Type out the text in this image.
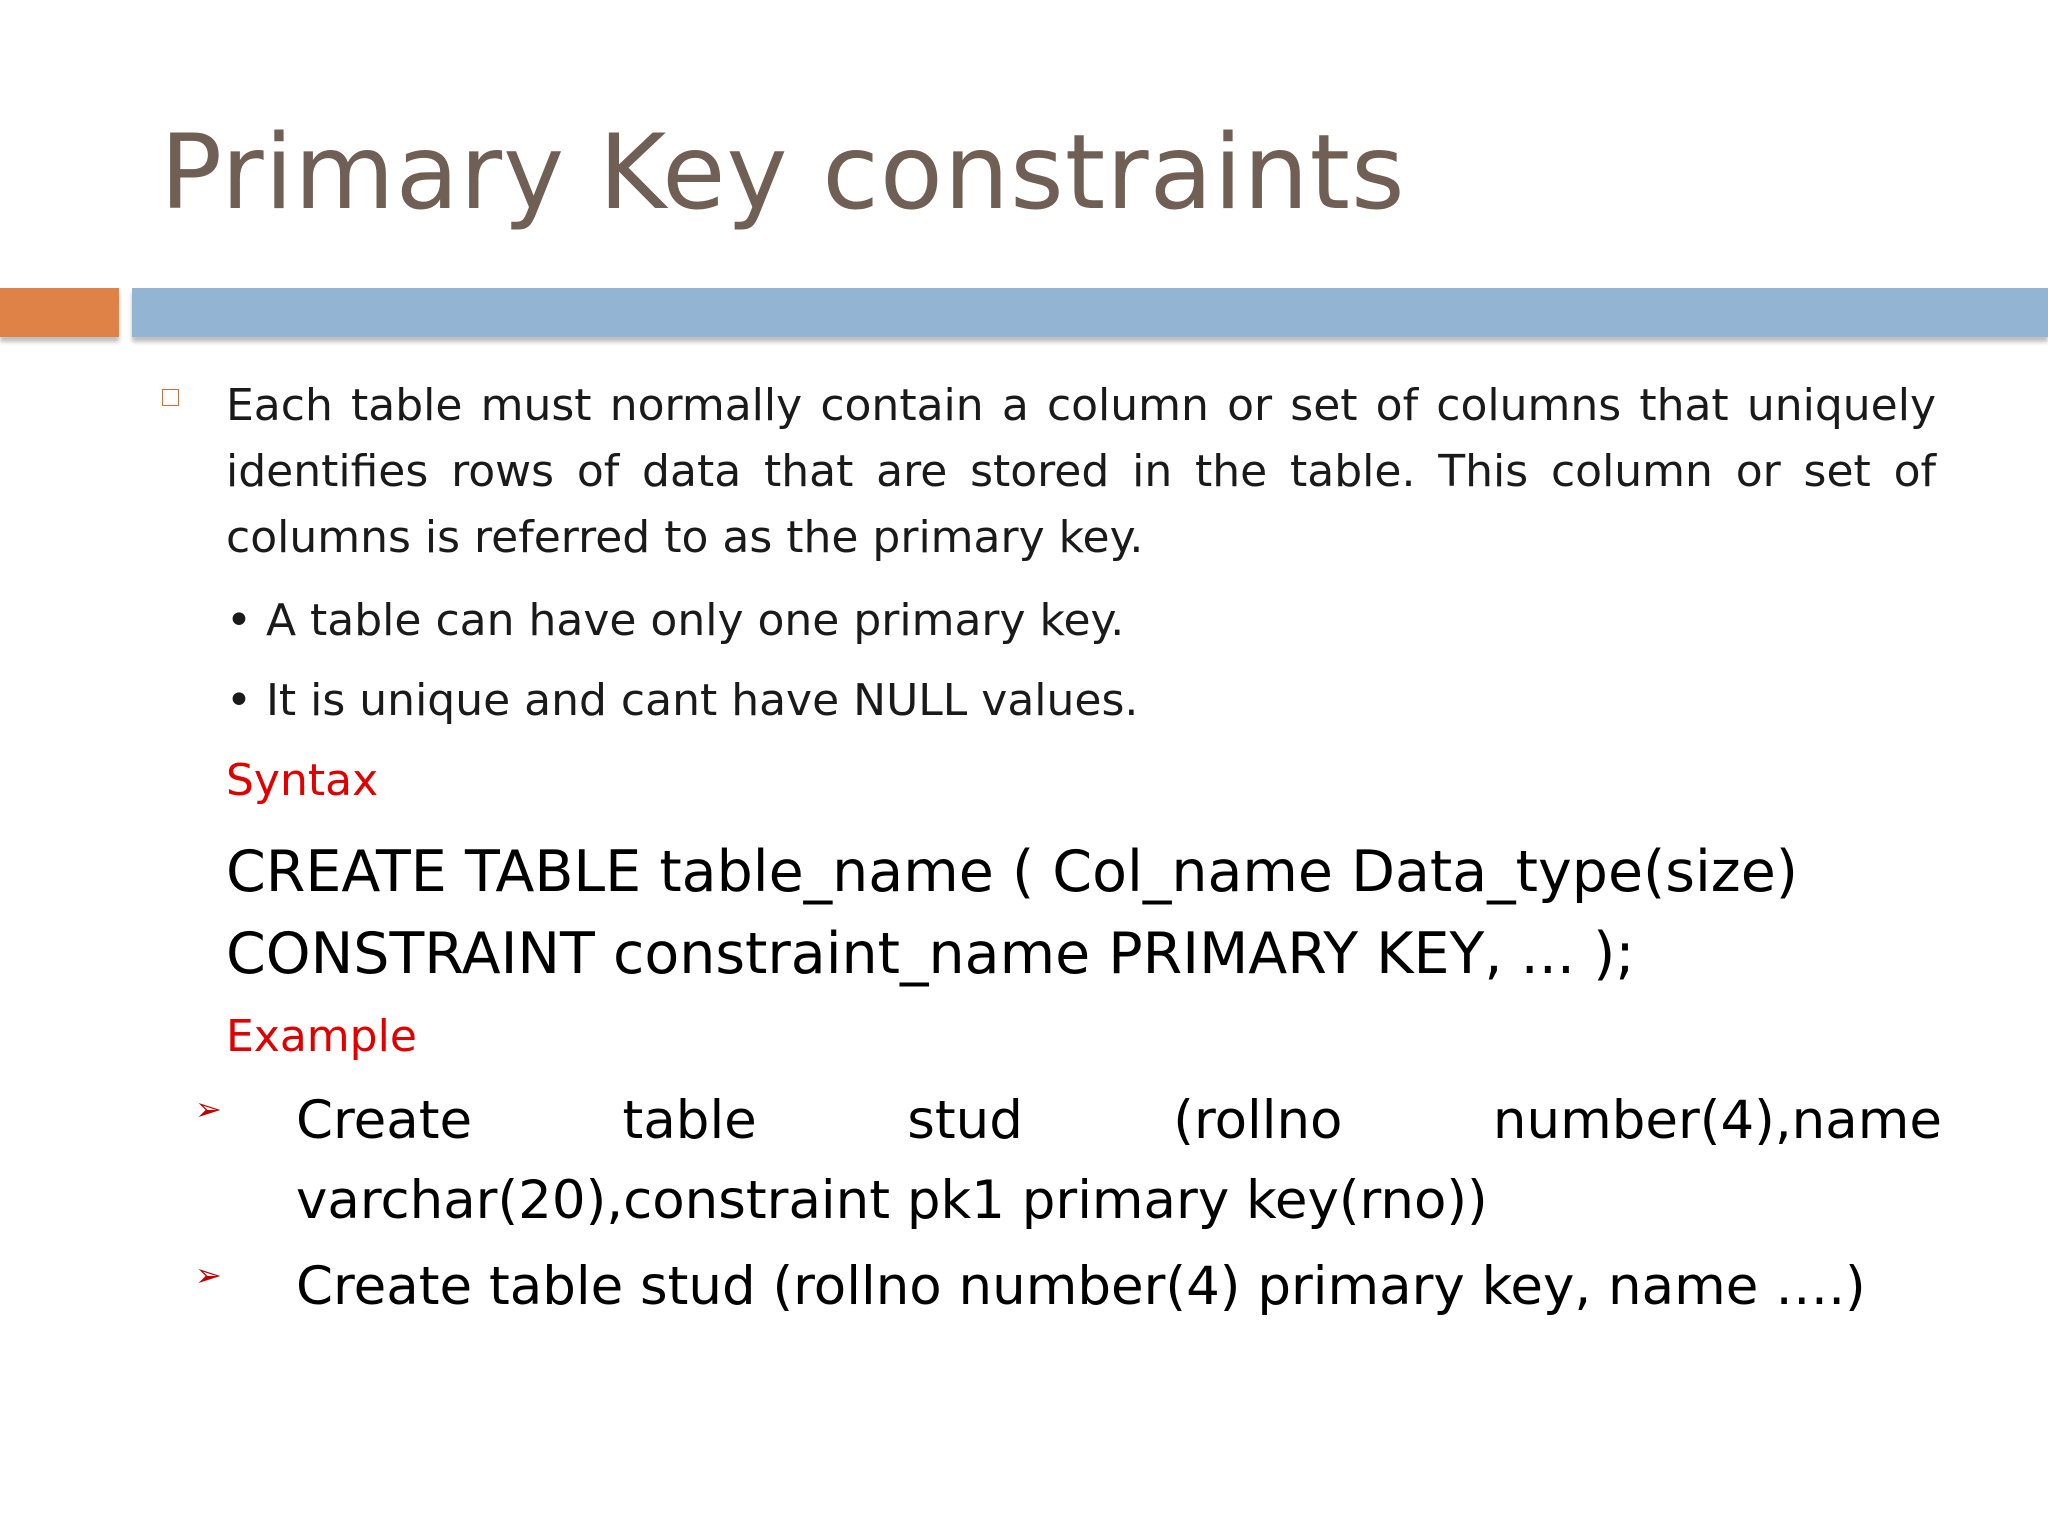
Primary Key constraints

Each table must normally contain a column or set of columns that uniquely identifies rows of data that are stored in the table. This column or set of columns is referred to as the primary key.

• A table can have only one primary key.

• It is unique and cant have NULL values.

Syntax

CREATE TABLE table_name ( Col_name Data_type(size)
CONSTRAINT constraint_name PRIMARY KEY, ... );

Example

➢ Create table stud (rollno number(4),name varchar(20),constraint pk1 primary key(rno))

➢ Create table stud (rollno number(4) primary key, name ….)
